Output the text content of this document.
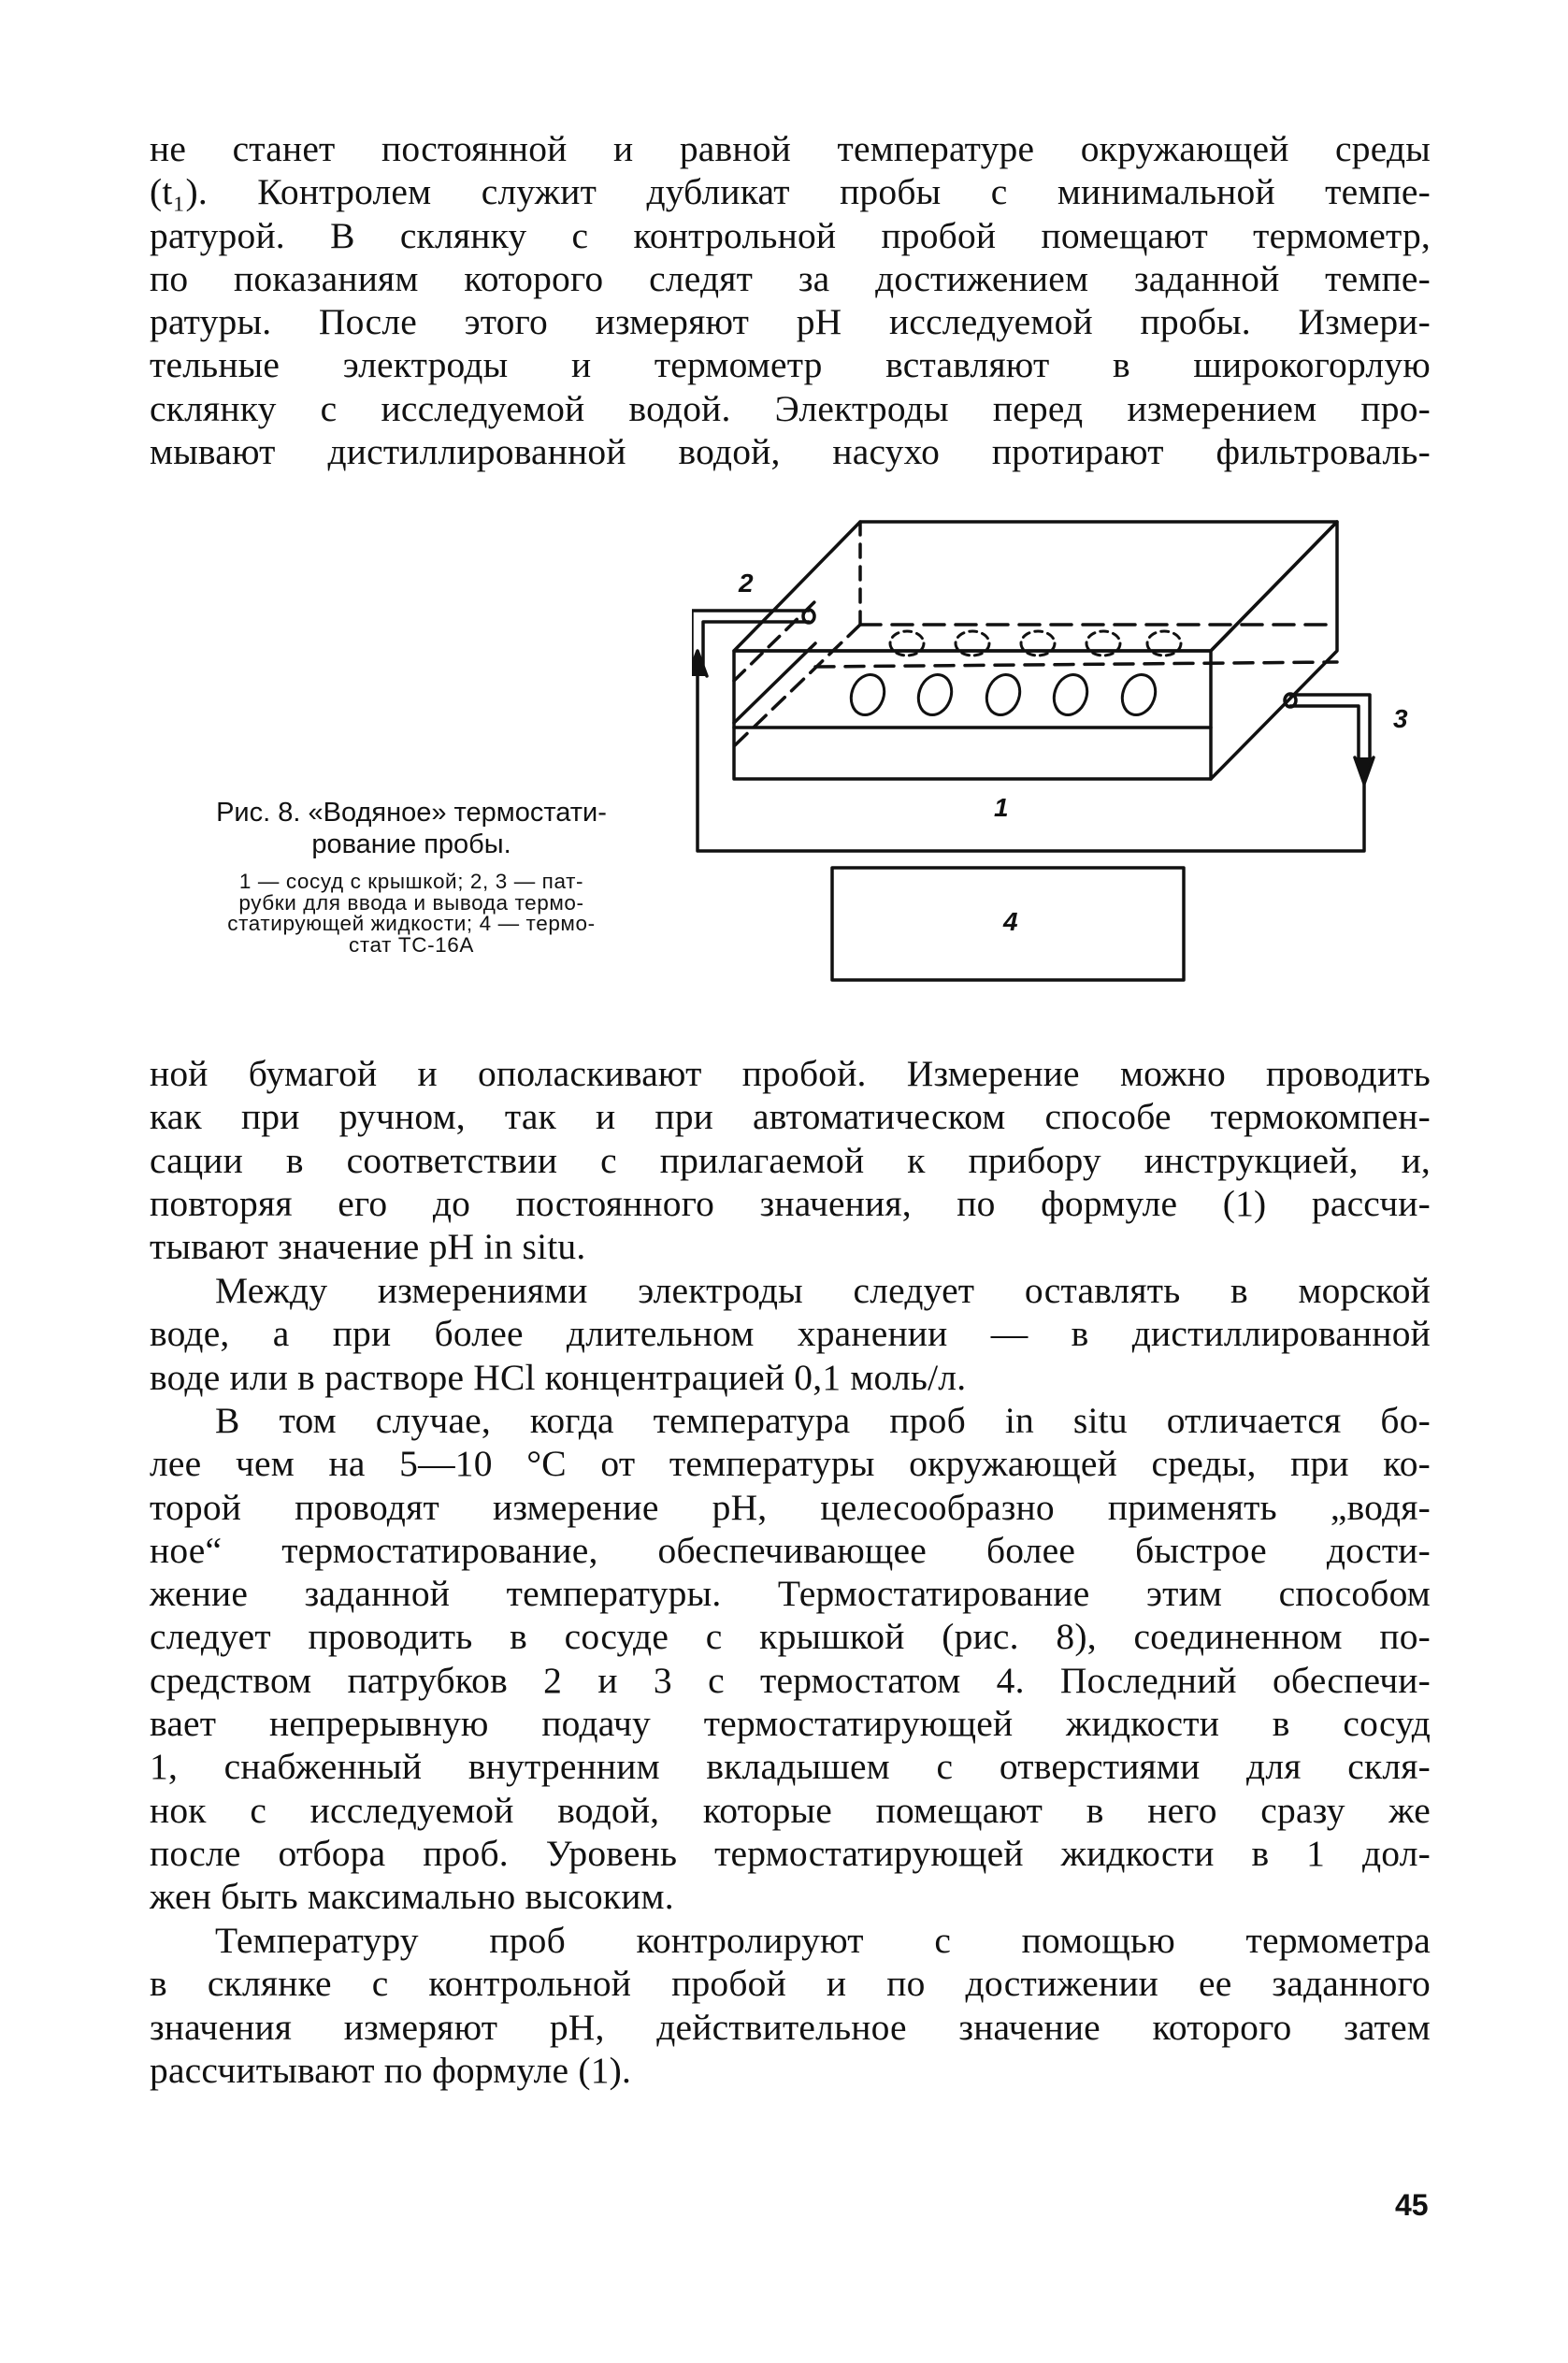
не станет постоянной и равной температуре окружающей среды
(t₁). Контролем служит дубликат пробы с минимальной темпе-
ратурой. В склянку с контрольной пробой помещают термометр,
по показаниям которого следят за достижением заданной темпе-
ратуры. После этого измеряют pH исследуемой пробы. Измери-
тельные электроды и термометр вставляют в широкогорлую
склянку с исследуемой водой. Электроды перед измерением про-
мывают дистиллированной водой, насухо протирают фильтроваль-
Рис. 8. «Водяное» термостати-
рование пробы.
1 — сосуд с крышкой; 2, 3 — пат-
рубки для ввода и вывода термо-
статирующей жидкости; 4 — термо-
стат ТС-16А
2
3
1
4
ной бумагой и ополаскивают пробой. Измерение можно проводить
как при ручном, так и при автоматическом способе термокомпен-
сации в соответствии с прилагаемой к прибору инструкцией, и,
повторяя его до постоянного значения, по формуле (1) рассчи-
тывают значение pH in situ.
Между измерениями электроды следует оставлять в морской
воде, а при более длительном хранении — в дистиллированной
воде или в растворе HCl концентрацией 0,1 моль/л.
В том случае, когда температура проб in situ отличается бо-
лее чем на 5—10 °С от температуры окружающей среды, при ко-
торой проводят измерение pH, целесообразно применять „водя-
ное“ термостатирование, обеспечивающее более быстрое дости-
жение заданной температуры. Термостатирование этим способом
следует проводить в сосуде с крышкой (рис. 8), соединенном по-
средством патрубков 2 и 3 с термостатом 4. Последний обеспечи-
вает непрерывную подачу термостатирующей жидкости в сосуд
1, снабженный внутренним вкладышем с отверстиями для скля-
нок с исследуемой водой, которые помещают в него сразу же
после отбора проб. Уровень термостатирующей жидкости в 1 дол-
жен быть максимально высоким.
Температуру проб контролируют с помощью термометра
в склянке с контрольной пробой и по достижении ее заданного
значения измеряют pH, действительное значение которого затем
рассчитывают по формуле (1).
45
